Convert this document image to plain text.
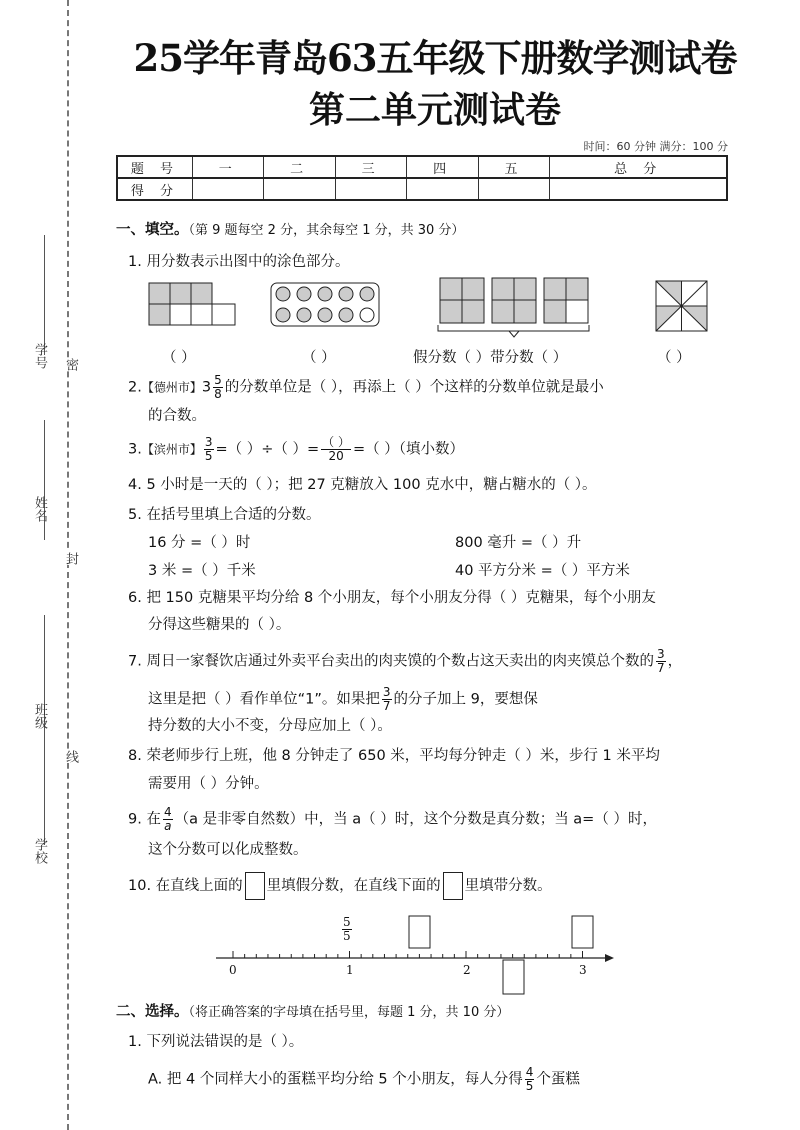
学号
姓名
班级
学校
密
封
线
25学年青岛63五年级下册数学测试卷
第二单元测试卷
时间：60 分钟 满分：100 分
题 号	一	二	三	四	五	总 分
得 分						
一、填空。（第 9 题每空 2 分，其余每空 1 分，共 30 分）
1. 用分数表示出图中的涂色部分。
（ ）	（ ）	假分数（ ）带分数（ ）	（ ）
2.【德州市】$3 \frac{5}{8}$ 的分数单位是（ ），再添上（ ）个这样的分数单位就是最小
的合数。
3.【滨州市】 $\frac{3}{5}$ =（ ）÷（ ）= $\frac{( )}{20}$ =（ ）（填小数）
4. 5 小时是一天的（ ）；把 27 克糖放入 100 克水中，糖占糖水的（ ）。
5. 在括号里填上合适的分数。
16 分 =（ ）时	800 毫升 =（ ）升
3 米 =（ ）千米	40 平方分米 =（ ）平方米
6. 把 150 克糖果平均分给 8 个小朋友，每个小朋友分得（ ）克糖果，每个小朋友
分得这些糖果的（ ）。
7. 周日一家餐饮店通过外卖平台卖出的肉夹馍的个数占这天卖出的肉夹馍总个数的 $\frac{3}{7}$ ，
这里是把（ ）看作单位“1”。如果把 $\frac{3}{7}$ 的分子加上 9，要想保
持分数的大小不变，分母应加上（ ）。
8. 荣老师步行上班，他 8 分钟走了 650 米，平均每分钟走（ ）米，步行 1 米平均
需要用（ ）分钟。
9. 在 $\frac{4}{a} (a$ 是非零自然数）中，当 a（ ）时，这个分数是真分数；当 a=（ ）时，
这个分数可以化成整数。
10. 在直线上面的 里填假分数，在直线下面的 里填带分数。
$\frac{5}{5}$
0	1	2	3
二、选择。（将正确答案的字母填在括号里，每题 1 分，共 10 分）
1. 下列说法错误的是（ ）。
A. 把 4 个同样大小的蛋糕平均分给 5 个小朋友，每人分得 $\frac{4}{5}$ 个蛋糕
